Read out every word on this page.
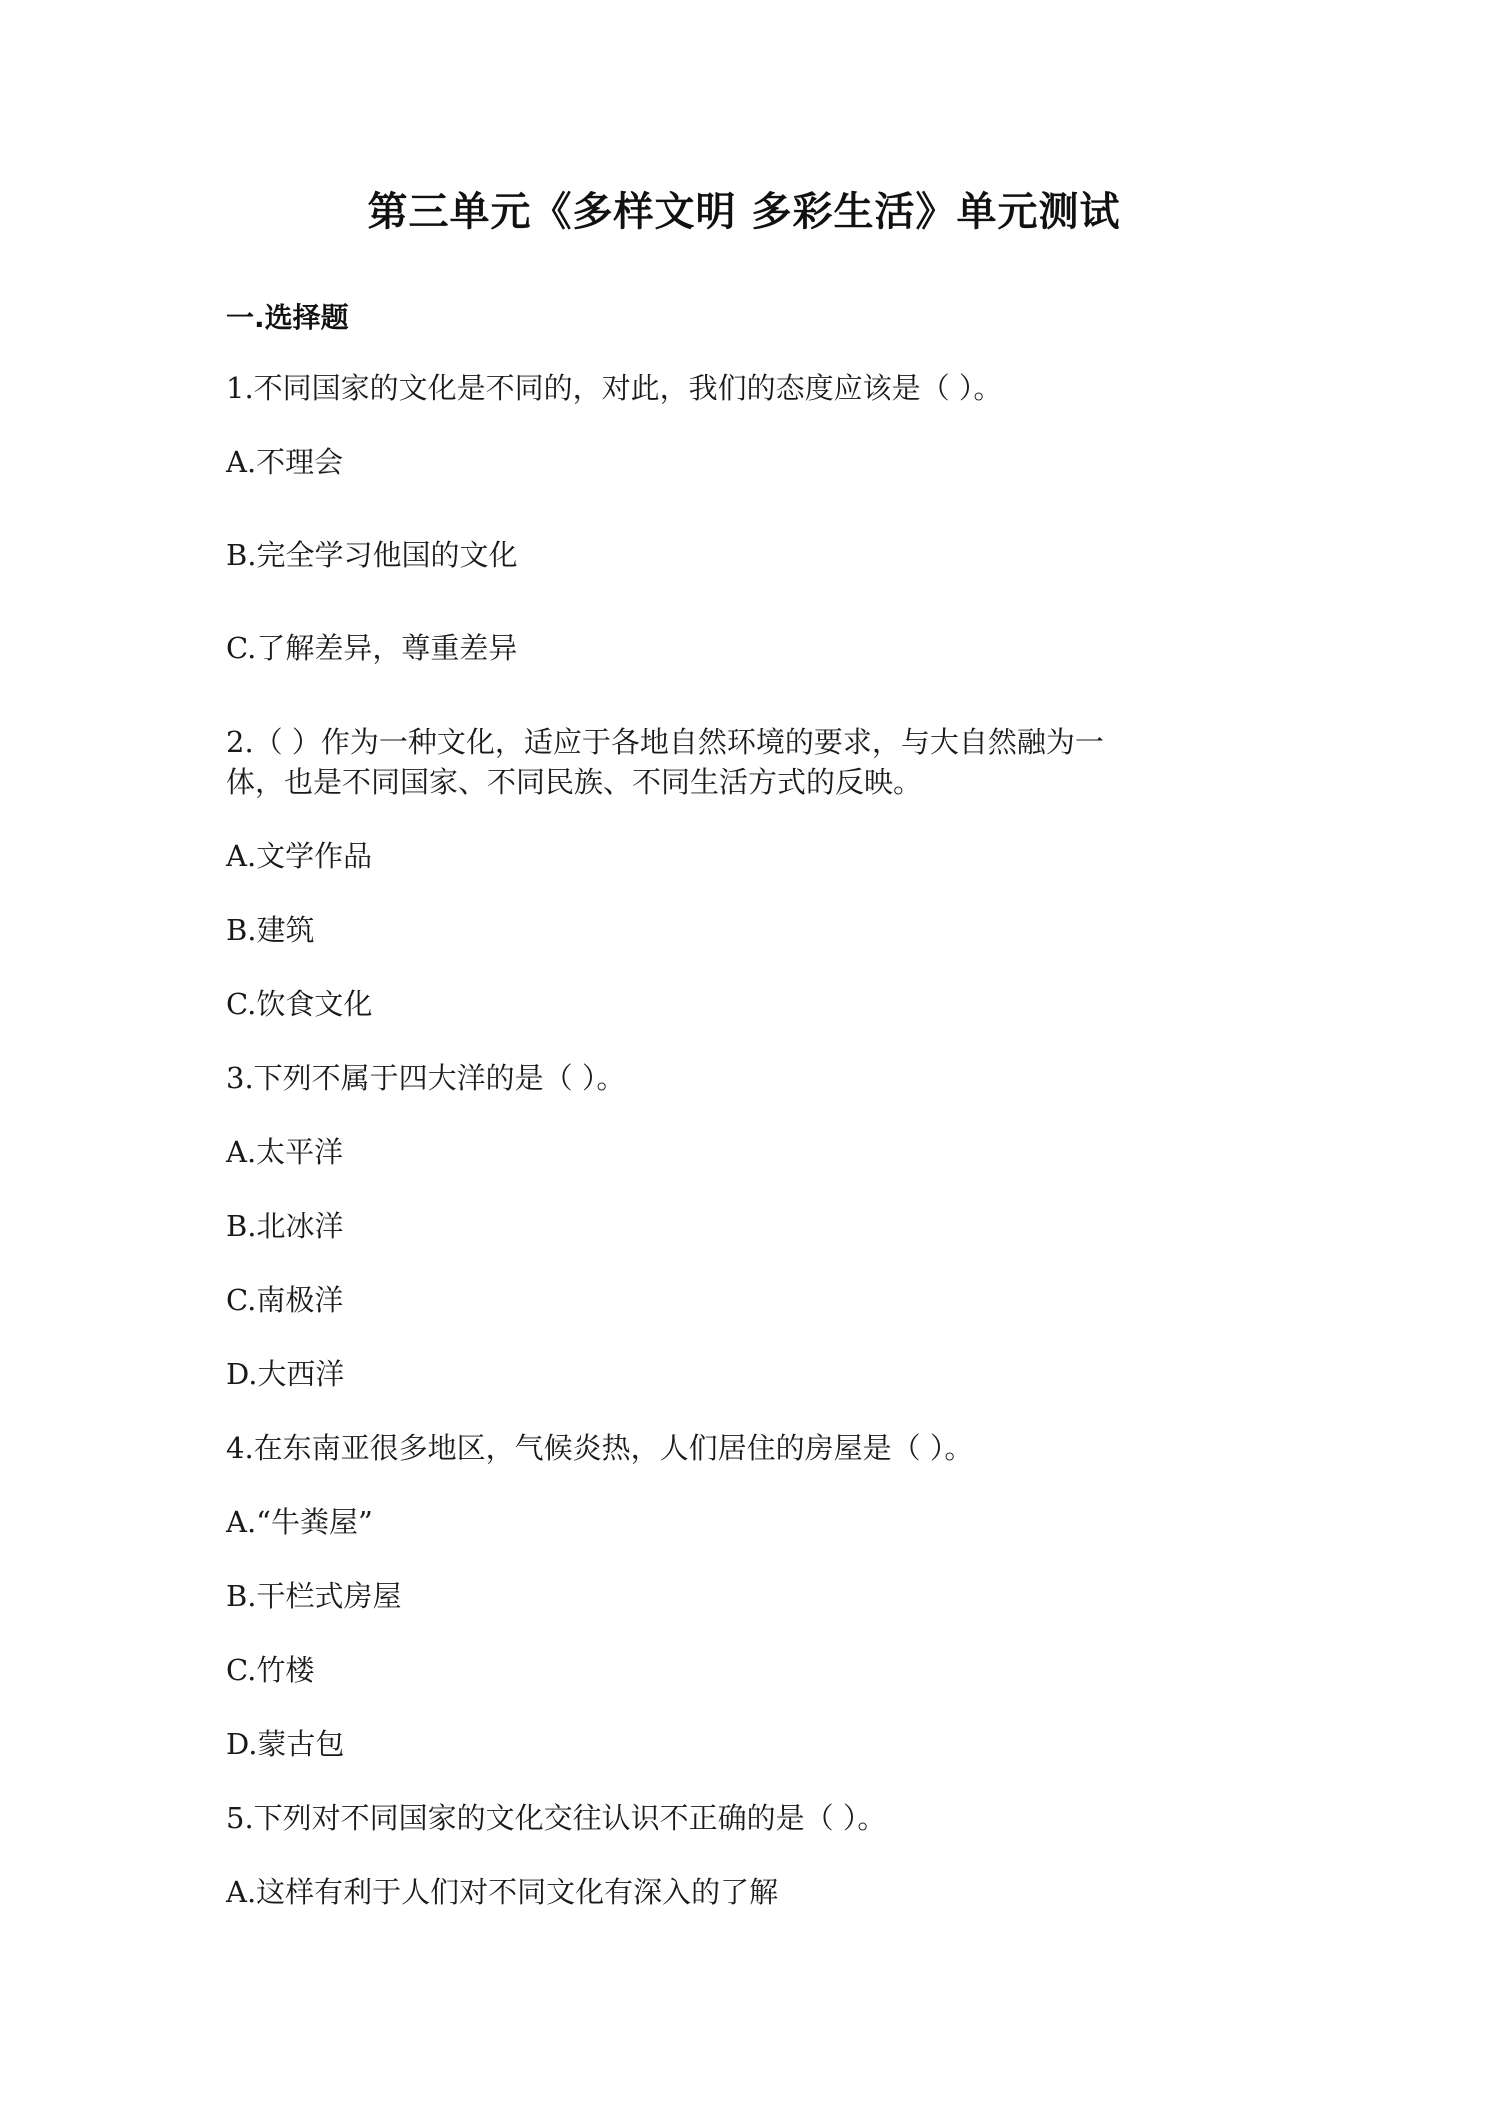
第三单元《多样文明 多彩生活》单元测试
一.选择题
1.不同国家的文化是不同的，对此，我们的态度应该是（ ）。
A.不理会
B.完全学习他国的文化
C.了解差异，尊重差异
2.（ ）作为一种文化，适应于各地自然环境的要求，与大自然融为一
体，也是不同国家、不同民族、不同生活方式的反映。
A.文学作品
B.建筑
C.饮食文化
3.下列不属于四大洋的是（ ）。
A.太平洋
B.北冰洋
C.南极洋
D.大西洋
4.在东南亚很多地区，气候炎热，人们居住的房屋是（ ）。
A.“牛粪屋”
B.干栏式房屋
C.竹楼
D.蒙古包
5.下列对不同国家的文化交往认识不正确的是（ ）。
A.这样有利于人们对不同文化有深入的了解
